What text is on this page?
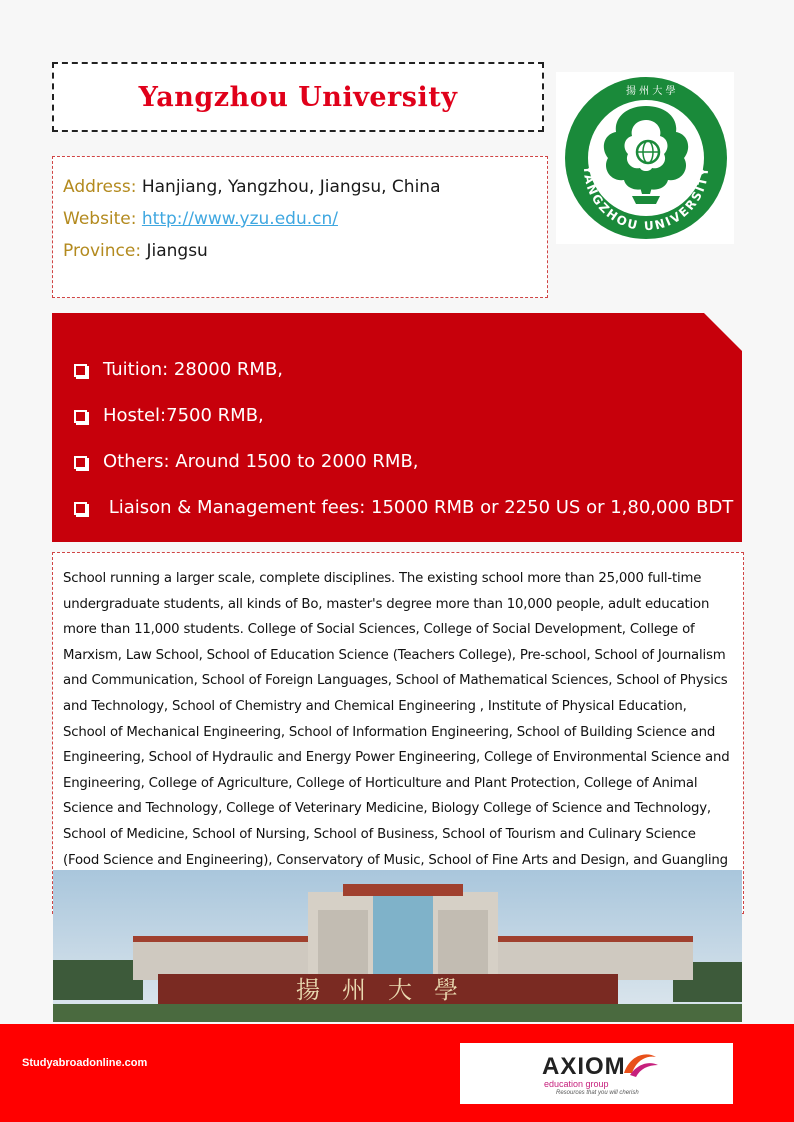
Yangzhou University
YANGZHOU UNIVERSITY
揚 州 大 學
Address: Hanjiang, Yangzhou, Jiangsu, China
Website: http://www.yzu.edu.cn/
Province: Jiangsu
Tuition: 28000 RMB,
Hostel:7500 RMB,
Others: Around 1500 to 2000 RMB,
Liaison & Management fees: 15000 RMB or 2250 US or 1,80,000 BDT

School running a larger scale, complete disciplines. The existing school more than 25,000 full-time undergraduate students, all kinds of Bo, master's degree more than 10,000 people, adult education more than 11,000 students. College of Social Sciences, College of Social Development, College of Marxism, Law School, School of Education Science (Teachers College), Pre-school, School of Journalism and Communication, School of Foreign Languages, School of Mathematical Sciences, School of Physics and Technology, School of Chemistry and Chemical Engineering , Institute of Physical Education, School of Mechanical Engineering, School of Information Engineering, School of Building Science and Engineering, School of Hydraulic and Energy Power Engineering, College of Environmental Science and Engineering, College of Agriculture, College of Horticulture and Plant Protection, College of Animal Science and Technology, College of Veterinary Medicine, Biology College of Science and Technology, School of Medicine, School of Nursing, School of Business, School of Tourism and Culinary Science (Food Science and Engineering), Conservatory of Music, School of Fine Arts and Design, and Guangling

揚州大學
Studyabroadonline.com	AXIOM
education group
Resources that you will cherish
